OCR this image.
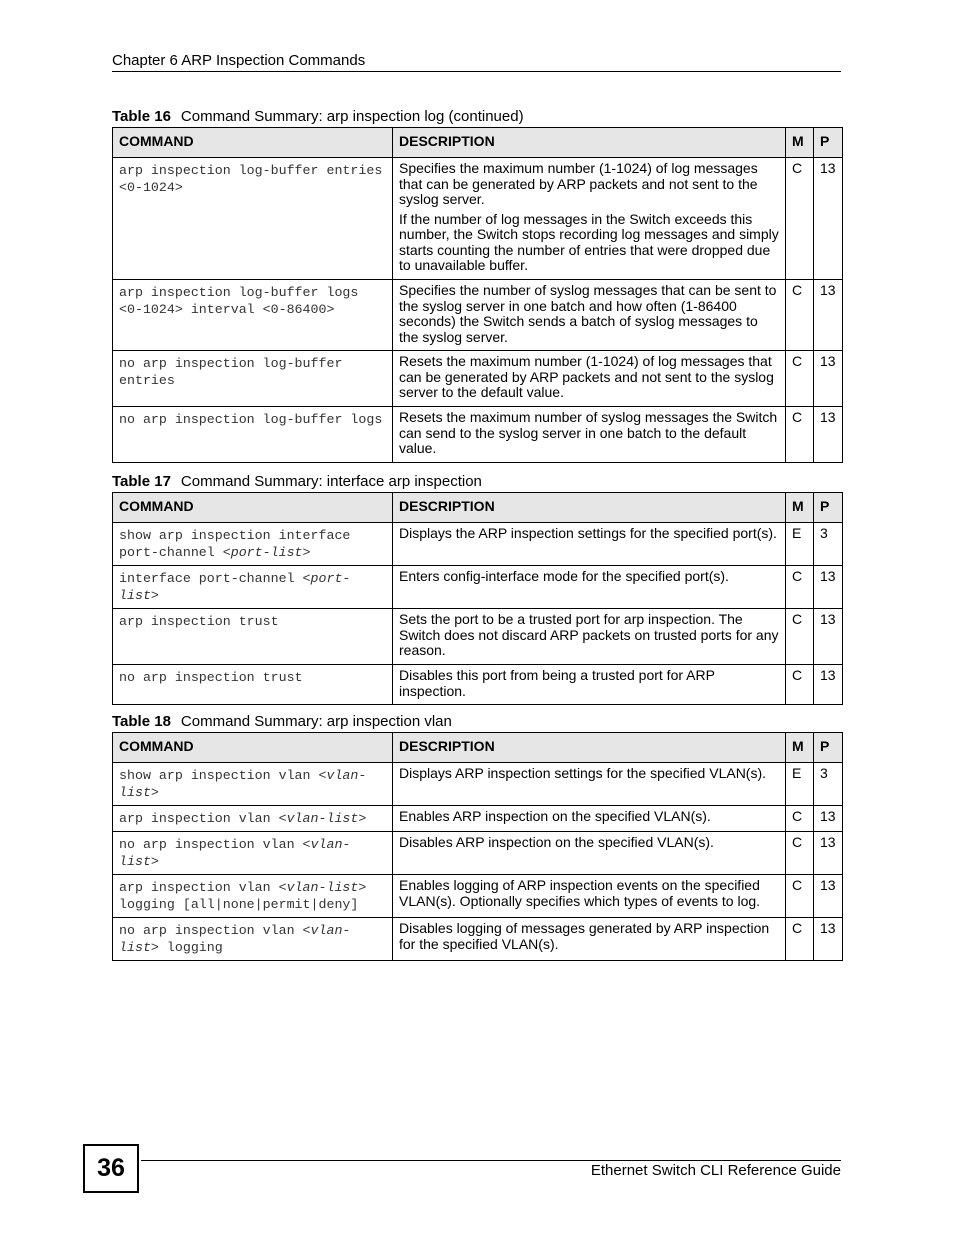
Chapter 6 ARP Inspection Commands
Table 16 Command Summary: arp inspection log (continued)
COMMAND	DESCRIPTION	M	P
arp inspection log-buffer entries <0-1024>	Specifies the maximum number (1-1024) of log messages that can be generated by ARP packets and not sent to the syslog server.

If the number of log messages in the Switch exceeds this number, the Switch stops recording log messages and simply starts counting the number of entries that were dropped due to unavailable buffer.	C	13
arp inspection log-buffer logs <0-1024> interval <0-86400>	Specifies the number of syslog messages that can be sent to the syslog server in one batch and how often (1-86400 seconds) the Switch sends a batch of syslog messages to the syslog server.	C	13
no arp inspection log-buffer entries	Resets the maximum number (1-1024) of log messages that can be generated by ARP packets and not sent to the syslog server to the default value.	C	13
no arp inspection log-buffer logs	Resets the maximum number of syslog messages the Switch can send to the syslog server in one batch to the default value.	C	13
Table 17 Command Summary: interface arp inspection
COMMAND	DESCRIPTION	M	P
show arp inspection interface port-channel <port-list>	Displays the ARP inspection settings for the specified port(s).	E	3
interface port-channel <port-list>	Enters config-interface mode for the specified port(s).	C	13
arp inspection trust	Sets the port to be a trusted port for arp inspection. The Switch does not discard ARP packets on trusted ports for any reason.	C	13
no arp inspection trust	Disables this port from being a trusted port for ARP inspection.	C	13
Table 18 Command Summary: arp inspection vlan
COMMAND	DESCRIPTION	M	P
show arp inspection vlan <vlan-list>	Displays ARP inspection settings for the specified VLAN(s).	E	3
arp inspection vlan <vlan-list>	Enables ARP inspection on the specified VLAN(s).	C	13
no arp inspection vlan <vlan-list>	Disables ARP inspection on the specified VLAN(s).	C	13
arp inspection vlan <vlan-list> logging [all|none|permit|deny]	Enables logging of ARP inspection events on the specified VLAN(s). Optionally specifies which types of events to log.	C	13
no arp inspection vlan <vlan-list> logging	Disables logging of messages generated by ARP inspection for the specified VLAN(s).	C	13
36	Ethernet Switch CLI Reference Guide
